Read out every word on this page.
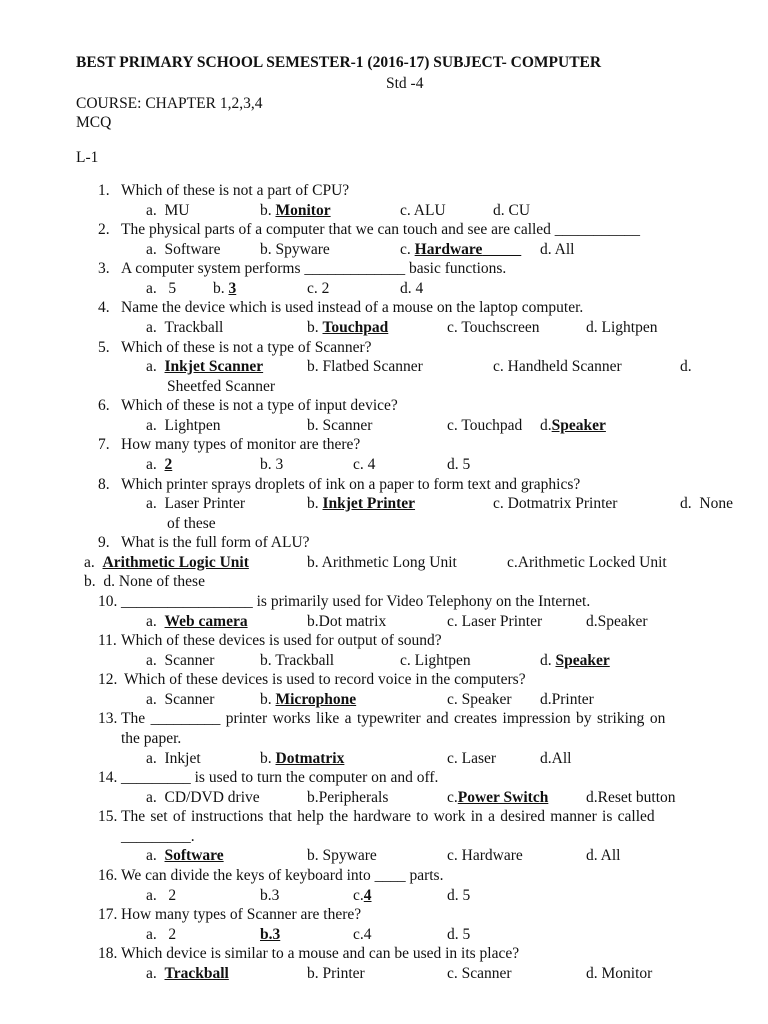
BEST PRIMARY SCHOOL SEMESTER-1 (2016-17) SUBJECT- COMPUTER
Std -4
COURSE: CHAPTER 1,2,3,4
MCQ
L-1
1. Which of these is not a part of CPU?
a.  MU	b. Monitor	c. ALU	d. CU
2. The physical parts of a computer that we can touch and see are called ___________
a.  Software	b. Spyware	c. Hardware_____ d. All
3. A computer system performs _____________ basic functions.
a.   5 b. 3	c. 2	d. 4
4. Name the device which is used instead of a mouse on the laptop computer.
a.  Trackball	b. Touchpad	c. Touchscreen	d. Lightpen
5. Which of these is not a type of Scanner?
a.  Inkjet Scanner	b. Flatbed Scanner	c. Handheld Scanner	d.
Sheetfed Scanner
6. Which of these is not a type of input device?
a.  Lightpen	b. Scanner	c. Touchpad d.Speaker
7. How many types of monitor are there?
a.  2	b. 3	c. 4	d. 5
8. Which printer sprays droplets of ink on a paper to form text and graphics?
a.  Laser Printer	b. Inkjet Printer	c. Dotmatrix Printer	d.  None
of these
9. What is the full form of ALU?
a.  Arithmetic Logic Unit	b. Arithmetic Long Unit	c.Arithmetic Locked Unit
b.  d. None of these
10. _________________ is primarily used for Video Telephony on the Internet.
a.  Web camera	b.Dot matrix	c. Laser Printer	d.Speaker
11. Which of these devices is used for output of sound?
a.  Scanner	b. Trackball	c. Lightpen	d. Speaker
12. Which of these devices is used to record voice in the computers?
a.  Scanner	b. Microphone	c. Speaker d.Printer
13. The _________ printer works like a typewriter and creates impression by striking on
the paper.
a.  Inkjet	b. Dotmatrix	c. Laser	d.All
14. _________ is used to turn the computer on and off.
a.  CD/DVD drive	b.Peripherals	c.Power Switch d.Reset button
15. The set of instructions that help the hardware to work in a desired manner is called
_________.
a.  Software	b. Spyware	c. Hardware	d. All
16. We can divide the keys of keyboard into ____ parts.
a.   2	b.3	c.4	d. 5
17. How many types of Scanner are there?
a.   2	b.3	c.4	d. 5
18. Which device is similar to a mouse and can be used in its place?
a.  Trackball	b. Printer	c. Scanner	d. Monitor
